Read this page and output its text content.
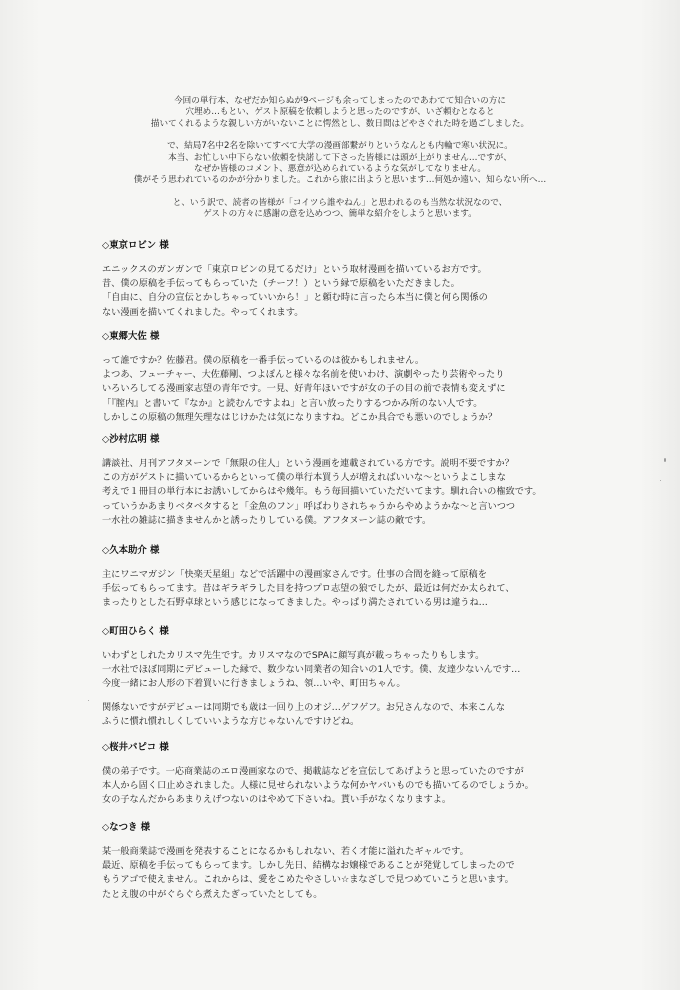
今回の単行本、なぜだか知らぬが9ページも余ってしまったのであわてて知合いの方に
穴埋め…もとい、ゲスト原稿を依頼しようと思ったのですが、いざ頼むとなると
描いてくれるような親しい方がいないことに愕然とし、数日間はどやさぐれた時を過ごしました。

で、結局7名中2名を除いてすべて大学の漫画部繋がりというなんとも内輪で寒い状況に。
本当、お忙しい中下らない依頼を快諾して下さった皆様には頭が上がりません…ですが、
なぜか皆様のコメント、悪意が込められているような気がしてなりません。
僕がそう思われているのかが分かりました。これから旅に出ようと思います…何処か遠い、知らない所へ…

と、いう訳で、読者の皆様が「コイツら誰やねん」と思われるのも当然な状況なので、
ゲストの方々に感謝の意を込めつつ、簡単な紹介をしようと思います。

◇東京ロビン 様
エニックスのガンガンで「東京ロビンの見てるだけ」という取材漫画を描いているお方です。
昔、僕の原稿を手伝ってもらっていた（チーフ！）という縁で原稿をいただきました。
「自由に、自分の宣伝とかしちゃっていいから！」と頼む時に言ったら本当に僕と何ら関係の
ない漫画を描いてくれました。やってくれます。
◇東郷大佐 様
って誰ですか？佐藤君。僕の原稿を一番手伝っているのは彼かもしれません。
よつあ、フューチャー、大佐藤剛、つよぽんと様々な名前を使いわけ、演劇やったり芸術やったり
いろいろしてる漫画家志望の青年です。一見、好青年ほいですが女の子の目の前で表情も変えずに
「『膣内』と書いて『なか』と読むんですよね」と言い放ったりするつかみ所のない人です。
しかしこの原稿の無理矢理なはじけかたは気になりますね。どこか具合でも悪いのでしょうか？
◇沙村広明 様
講談社、月刊アフタヌーンで「無限の住人」という漫画を連載されている方です。説明不要ですか？
この方がゲストに描いているからといって僕の単行本買う人が増えればいいな～というよこしまな
考えで１冊目の単行本にお誘いしてからはや幾年。もう毎回描いていただいてます。馴れ合いの権致です。
っていうかあまりベタベタすると「金魚のフン」呼ばわりされちゃうからやめようかな～と言いつつ
一水社の雑誌に描きませんかと誘ったりしている僕。アフタヌーン誌の敵です。
◇久本助介 様
主にワニマガジン「快楽天星組」などで活躍中の漫画家さんです。仕事の合間を縫って原稿を
手伝ってもらってます。昔はギラギラした目を持つプロ志望の狼でしたが、最近は何だか太られて、
まったりとした石野卓球という感じになってきました。やっぱり満たされている男は違うね…
◇町田ひらく 様
いわずとしれたカリスマ先生です。カリスマなのでSPAに顔写真が載っちゃったりもします。
一水社でほぼ同期にデビューした縁で、数少ない同業者の知合いの1人です。僕、友達少ないんです…
今度一緒にお人形の下着買いに行きましょうね、領…いや、町田ちゃん。
関係ないですがデビューは同期でも歳は一回り上のオジ…ゲフゲフ。お兄さんなので、本来こんな
ふうに慣れ慣れしくしていいような方じゃないんですけどね。
◇桜井パピコ 様
僕の弟子です。一応商業誌のエロ漫画家なので、掲載誌などを宣伝してあげようと思っていたのですが
本人から固く口止めされました。人様に見せられないような何かヤバいものでも描いてるのでしょうか。
女の子なんだからあまりえげつないのはやめて下さいね。貰い手がなくなりますよ。
◇なつき 様
某一般商業誌で漫画を発表することになるかもしれない、若く才能に溢れたギャルです。
最近、原稿を手伝ってもらってます。しかし先日、結構なお嬢様であることが発覚してしまったので
もうアゴで使えません。これからは、愛をこめたやさしい☆まなざしで見つめていこうと思います。
たとえ腹の中がぐらぐら煮えたぎっていたとしても。
